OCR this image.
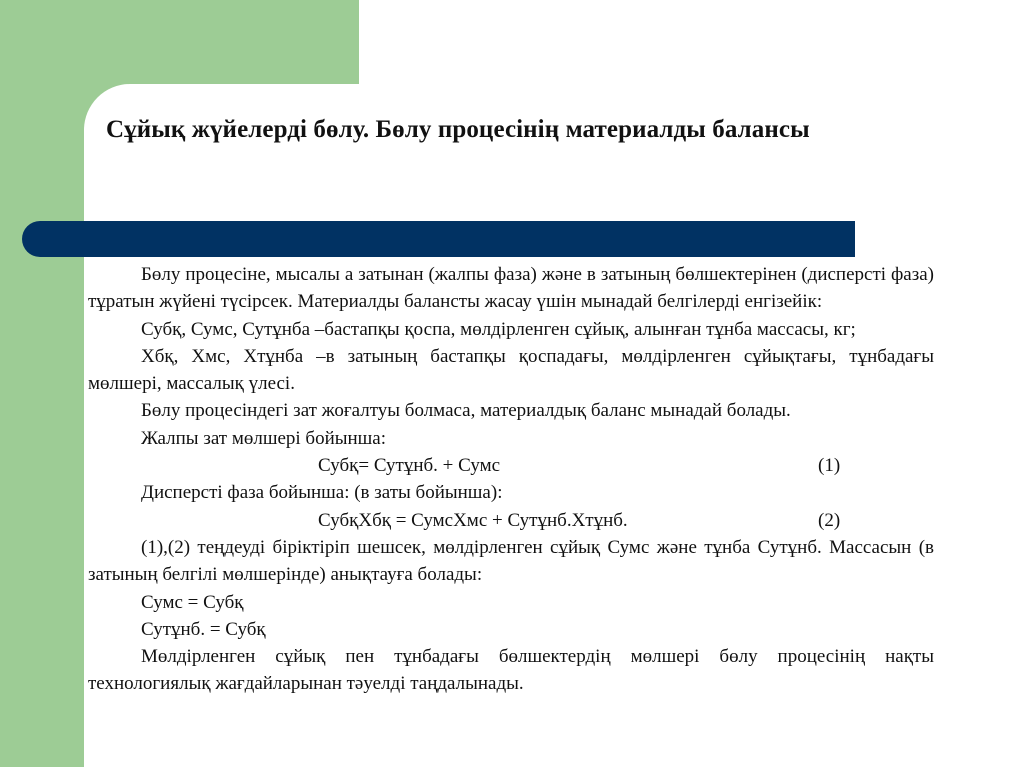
Сұйық жүйелерді бөлу. Бөлу процесінің материалды балансы

Бөлу процесіне, мысалы а затынан (жалпы фаза) және в затының бөлшектерінен (дисперсті фаза) тұратын жүйені түсірсек. Материалды балансты жасау үшін мынадай белгілерді енгізейік:

Субқ, Сумс, Сутұнба –бастапқы қоспа, мөлдірленген сұйық, алынған тұнба массасы, кг;

Хбқ, Хмс, Хтұнба –в затының бастапқы қоспадағы, мөлдірленген сұйықтағы, тұнбадағы мөлшері, массалық үлесі.

Бөлу процесіндегі зат жоғалтуы болмаса, материалдық баланс мынадай болады.

Жалпы зат мөлшері бойынша:

Субқ= Сутұнб. + Сумс	(1)

Дисперсті фаза бойынша: (в заты бойынша):

СубқХбқ = СумсХмс + Сутұнб.Хтұнб.	(2)

(1),(2) теңдеуді біріктіріп шешсек, мөлдірленген сұйық Сумс және тұнба Сутұнб. Массасын (в затының белгілі мөлшерінде) анықтауға болады:

Сумс = Субқ

Сутұнб. = Субқ

Мөлдірленген сұйық пен тұнбадағы бөлшектердің мөлшері бөлу процесінің нақты технологиялық жағдайларынан тәуелді таңдалынады.
